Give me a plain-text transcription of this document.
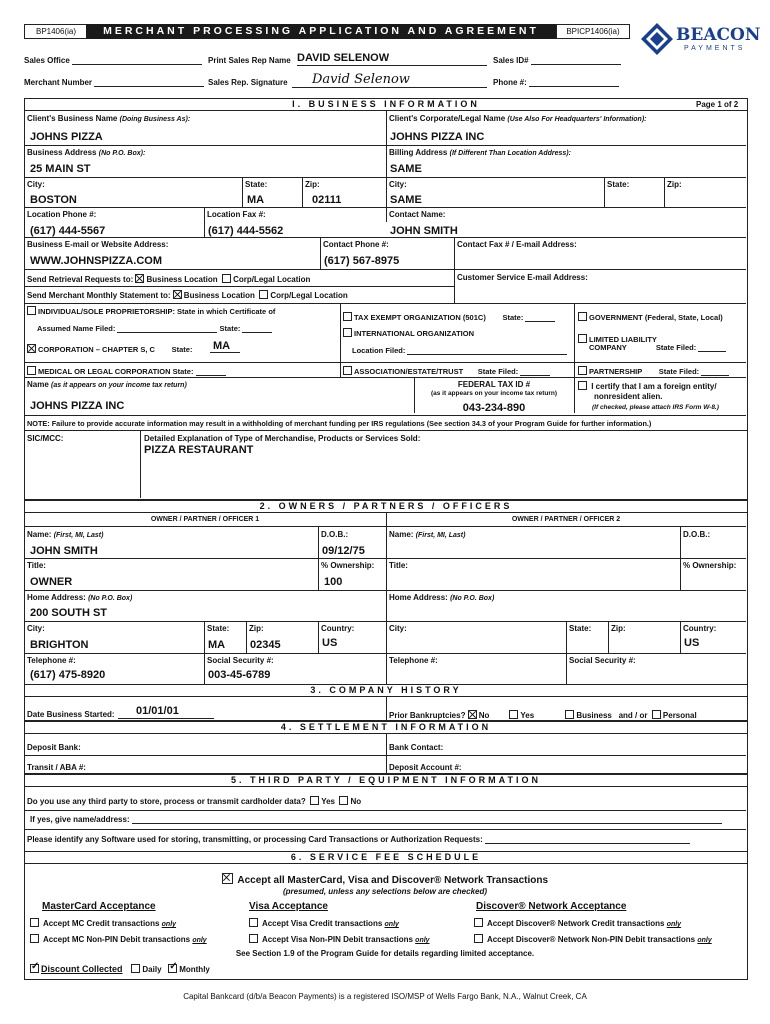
BP1406(ia)	MERCHANT PROCESSING APPLICATION AND AGREEMENT	BPICP1406(ia)	BEACON
PAYMENTS
Sales Office	Print Sales Rep Name DAVID SELENOW	Sales ID#
Merchant Number	Sales Rep. Signature David Selenow	Phone #:
I. BUSINESS INFORMATION	Page 1 of 2
Client's Business Name (Doing Business As):
JOHNS PIZZA
Client's Corporate/Legal Name (Use Also For Headquarters' Information):
JOHNS PIZZA INC
Business Address (No P.O. Box):
25 MAIN ST
Billing Address (If Different Than Location Address):
SAME
City:	State:	Zip:	City:	State:	Zip:
BOSTON	MA	02111	SAME
Location Phone #:	Location Fax #:	Contact Name:
(617) 444-5567	(617) 444-5562	JOHN SMITH
Business E-mail or Website Address:	Contact Phone #:	Contact Fax # / E-mail Address:
WWW.JOHNSPIZZA.COM	(617) 567-8975
Customer Service E-mail Address:
Send Retrieval Requests to: Business Location Corp/Legal Location
Send Merchant Monthly Statement to: Business Location Corp/Legal Location
INDIVIDUAL/SOLE PROPRIETORSHIP: State in which Certificate of
Assumed Name Filed:	State:
CORPORATION – CHAPTER S, C State: MA
TAX EXEMPT ORGANIZATION (501C) State:
INTERNATIONAL ORGANIZATION
Location Filed:
GOVERNMENT (Federal, State, Local)
LIMITED LIABILITY
COMPANY	State Filed:
MEDICAL OR LEGAL CORPORATION State:	ASSOCIATION/ESTATE/TRUST State Filed:	PARTNERSHIP State Filed:
Name (as it appears on your income tax return)
JOHNS PIZZA INC
FEDERAL TAX ID #
(as it appears on your income tax return)
043-234-890
I certify that I am a foreign entity/
nonresident alien.
(If checked, please attach IRS Form W-8.)
NOTE: Failure to provide accurate information may result in a withholding of merchant funding per IRS regulations (See section 34.3 of your Program Guide for further information.)
SIC/MCC:	Detailed Explanation of Type of Merchandise, Products or Services Sold:
PIZZA RESTAURANT
2. OWNERS / PARTNERS / OFFICERS
OWNER / PARTNER / OFFICER 1	OWNER / PARTNER / OFFICER 2
Name: (First, MI, Last)	D.O.B.:	Name: (First, MI, Last)	D.O.B.:
JOHN SMITH	09/12/75
Title:	% Ownership: Title:	% Ownership:
OWNER	100
Home Address: (No P.O. Box)	Home Address: (No P.O. Box)
200 SOUTH ST
City:	State: Zip:	Country:	City:	State: Zip:	Country:
BRIGHTON	MA 02345	US	US
Telephone #:	Social Security #:	Telephone #:	Social Security #:
(617) 475-8920	003-45-6789
3. COMPANY HISTORY
Date Business Started: 01/01/01	Prior Bankruptcies? No	Yes	Business and / or Personal
4. SETTLEMENT INFORMATION
Deposit Bank:	Bank Contact:
Transit / ABA #:	Deposit Account #:
5. THIRD PARTY / EQUIPMENT INFORMATION
Do you use any third party to store, process or transmit cardholder data? Yes No
If yes, give name/address:
Please identify any Software used for storing, transmitting, or processing Card Transactions or Authorization Requests:
6. SERVICE FEE SCHEDULE
Accept all MasterCard, Visa and Discover® Network Transactions
(presumed, unless any selections below are checked)
MasterCard Acceptance	Visa Acceptance	Discover® Network Acceptance
Accept MC Credit transactions only
Accept MC Non-PIN Debit transactions only
Accept Visa Credit transactions only
Accept Visa Non-PIN Debit transactions only
Accept Discover® Network Credit transactions only
Accept Discover® Network Non-PIN Debit transactions only
See Section 1.9 of the Program Guide for details regarding limited acceptance.
✓Discount Collected Daily   ✓ Monthly
Capital Bankcard (d/b/a Beacon Payments) is a registered ISO/MSP of Wells Fargo Bank, N.A., Walnut Creek, CA
